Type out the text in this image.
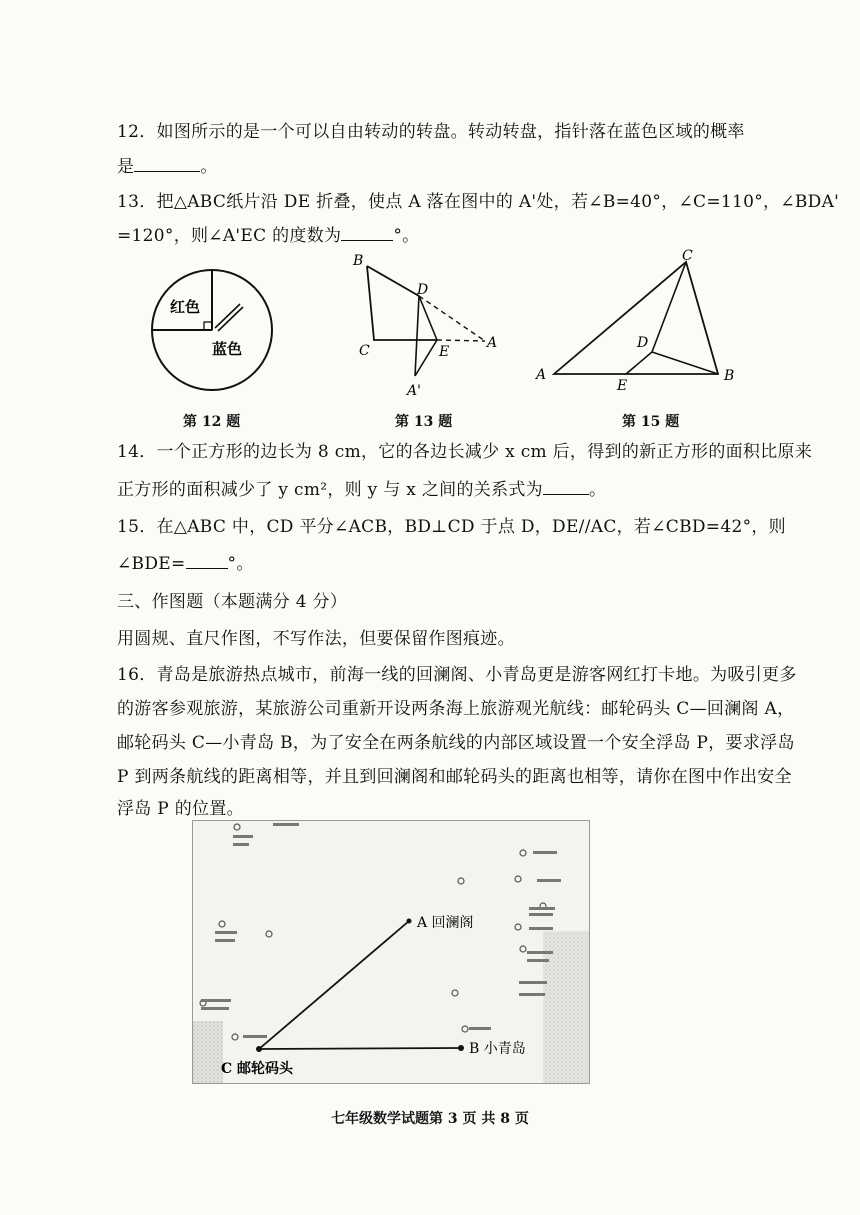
12．如图所示的是一个可以自由转动的转盘。转动转盘，指针落在蓝色区域的概率
是	。
13．把△ABC纸片沿 DE 折叠，使点 A 落在图中的 A'处，若∠B=40°，∠C=110°，∠BDA'
=120°，则∠A'EC 的度数为	°。
红色
蓝色
第 12 题
B
D
C	E
A
A'
第 13 题
C
D
A
E
B
第 15 题
14．一个正方形的边长为 8 cm，它的各边长减少 x cm 后，得到的新正方形的面积比原来
正方形的面积减少了 y cm²，则 y 与 x 之间的关系式为	。
15．在△ABC 中，CD 平分∠ACB，BD⊥CD 于点 D，DE//AC，若∠CBD=42°，则
∠BDE= °。
三、作图题（本题满分 4 分）
用圆规、直尺作图，不写作法，但要保留作图痕迹。
16．青岛是旅游热点城市，前海一线的回澜阁、小青岛更是游客网红打卡地。为吸引更多
的游客参观旅游，某旅游公司重新开设两条海上旅游观光航线：邮轮码头 C—回澜阁 A，
邮轮码头 C—小青岛 B，为了安全在两条航线的内部区域设置一个安全浮岛 P，要求浮岛
P 到两条航线的距离相等，并且到回澜阁和邮轮码头的距离也相等，请你在图中作出安全
浮岛 P 的位置。
A 回澜阁
B 小青岛
C 邮轮码头
七年级数学试题第 3 页 共 8 页
